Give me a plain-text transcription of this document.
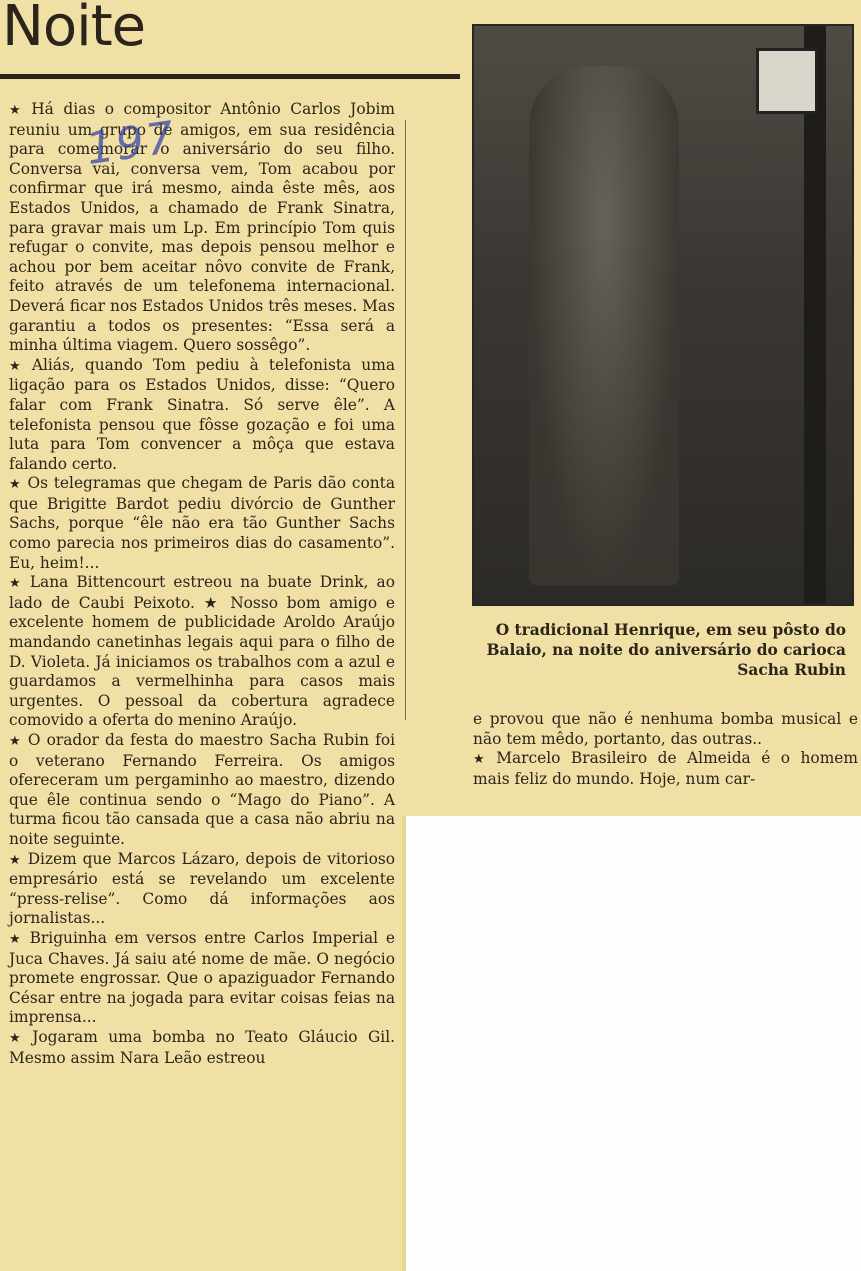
Noite

★ Há dias o compositor Antônio Carlos Jobim reuniu um grupo de amigos, em sua residência para comemorar o aniversário do seu filho. Conversa vai, conversa vem, Tom acabou por confirmar que irá mesmo, ainda êste mês, aos Estados Unidos, a chamado de Frank Sinatra, para gravar mais um Lp. Em princípio Tom quis refugar o convite, mas depois pensou melhor e achou por bem aceitar nôvo convite de Frank, feito através de um telefonema internacional. Deverá ficar nos Estados Unidos três meses. Mas garantiu a todos os presentes: “Essa será a minha última viagem. Quero sossêgo”.

★ Aliás, quando Tom pediu à telefonista uma ligação para os Estados Unidos, disse: “Quero falar com Frank Sinatra. Só serve êle”. A telefonista pensou que fôsse gozação e foi uma luta para Tom convencer a môça que estava falando certo.

★ Os telegramas que chegam de Paris dão conta que Brigitte Bardot pediu divórcio de Gunther Sachs, porque “êle não era tão Gunther Sachs como parecia nos primeiros dias do casamento”. Eu, heim!...

★ Lana Bittencourt estreou na buate Drink, ao lado de Caubi Peixoto. ★ Nosso bom amigo e excelente homem de publicidade Aroldo Araújo mandando canetinhas legais aqui para o filho de D. Violeta. Já iniciamos os trabalhos com a azul e guardamos a vermelhinha para casos mais urgentes. O pessoal da cobertura agradece comovido a oferta do menino Araújo.

★ O orador da festa do maestro Sacha Rubin foi o veterano Fernando Ferreira. Os amigos ofereceram um pergaminho ao maestro, dizendo que êle continua sendo o “Mago do Piano”. A turma ficou tão cansada que a casa não abriu na noite seguinte.

★ Dizem que Marcos Lázaro, depois de vitorioso empresário está se revelando um excelente “press-relise”. Como dá informações aos jornalistas...

★ Briguinha em versos entre Carlos Imperial e Juca Chaves. Já saiu até nome de mãe. O negócio promete engrossar. Que o apaziguador Fernando César entre na jogada para evitar coisas feias na imprensa...

★ Jogaram uma bomba no Teato Gláucio Gil. Mesmo assim Nara Leão estreou

197

O tradicional Henrique, em seu pôsto do Balaio, na noite do aniversário do carioca Sacha Rubin

e provou que não é nenhuma bomba musical e não tem mêdo, portanto, das outras..

★ Marcelo Brasileiro de Almeida é o homem mais feliz do mundo. Hoje, num car-
